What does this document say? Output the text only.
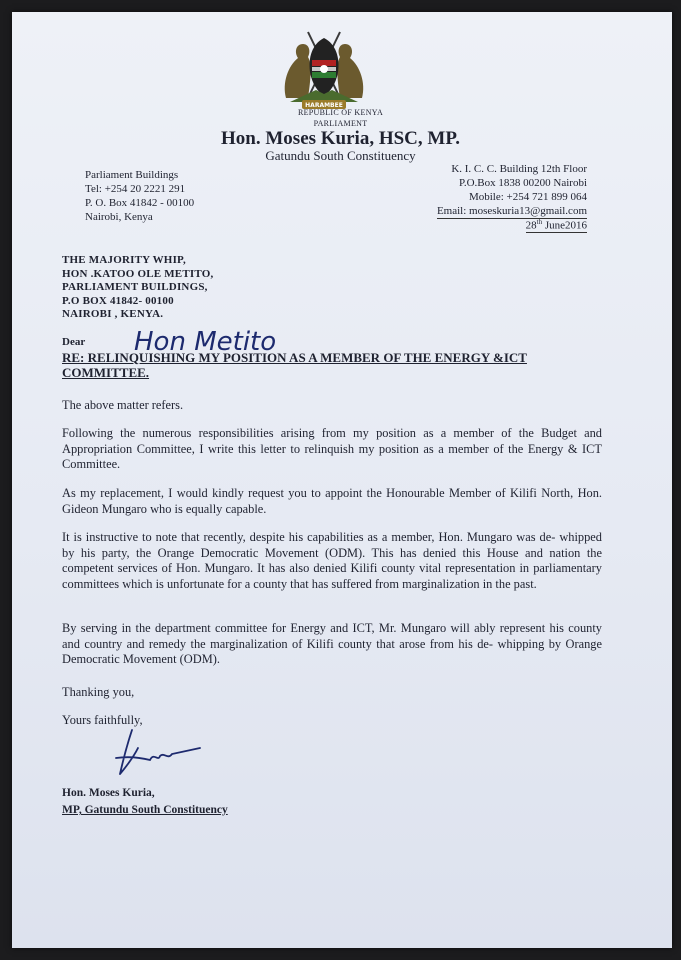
HARAMBEE
REPUBLIC OF KENYA
PARLIAMENT
Hon. Moses Kuria, HSC, MP.
Gatundu South Constituency
Parliament Buildings
Tel: +254 20 2221 291
P. O. Box 41842 - 00100
Nairobi, Kenya
K. I. C. C. Building 12th Floor
P.O.Box 1838 00200 Nairobi
Mobile: +254 721 899 064
Email: moseskuria13@gmail.com
28th June2016
THE MAJORITY WHIP,
HON .KATOO OLE METITO,
PARLIAMENT BUILDINGS,
P.O BOX 41842- 00100
NAIROBI , KENYA.
Dear Hon Metito
RE: RELINQUISHING MY POSITION AS A MEMBER OF THE ENERGY &ICT COMMITTEE.
The above matter refers.
Following the numerous responsibilities arising from my position as a member of the Budget and Appropriation Committee, I write this letter to relinquish my position as a member of the Energy & ICT Committee.
As my replacement, I would kindly request you to appoint the Honourable Member of Kilifi North, Hon. Gideon Mungaro who is equally capable.
It is instructive to note that recently, despite his capabilities as a member, Hon. Mungaro was de- whipped by his party, the Orange Democratic Movement (ODM). This has denied this House and nation the competent services of Hon. Mungaro. It has also denied Kilifi county vital representation in parliamentary committees which is unfortunate for a county that has suffered from marginalization in the past.
By serving in the department committee for Energy and ICT, Mr. Mungaro will ably represent his county and country and remedy the marginalization of Kilifi county that arose from his de- whipping by Orange Democratic Movement (ODM).
Thanking you,
Yours faithfully,
Hon. Moses Kuria,
MP, Gatundu South Constituency
